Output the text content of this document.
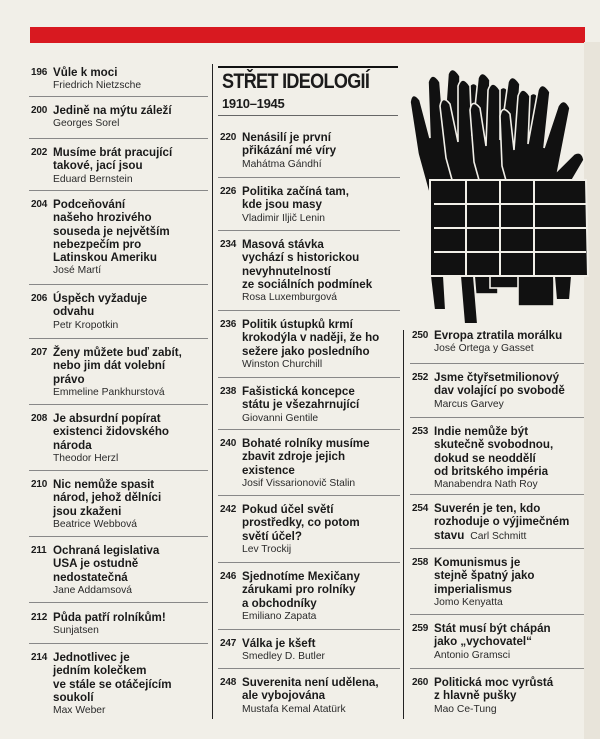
STŘET IDEOLOGIÍ
1910–1945
196 Vůle k moci
Friedrich Nietzsche
200 Jedině na mýtu záleží
Georges Sorel
202 Musíme brát pracující
takové, jací jsou
Eduard Bernstein
204 Podceňování
našeho hrozivého
souseda je největším
nebezpečím pro
Latinskou Ameriku
José Martí
206 Úspěch vyžaduje
odvahu
Petr Kropotkin
207 Ženy můžete buď zabít,
nebo jim dát volební
právo
Emmeline Pankhurstová
208 Je absurdní popírat
existenci židovského
národa
Theodor Herzl
210 Nic nemůže spasit
národ, jehož dělníci
jsou zkaženi
Beatrice Webbová
211 Ochraná legislativa
USA je ostudně
nedostatečná
Jane Addamsová
212 Půda patří rolníkům!
Sunjatsen
214 Jednotlivec je
jedním kolečkem
ve stále se otáčejícím
soukolí
Max Weber
220 Nenásilí je první
přikázání mé víry
Mahátma Gándhí
226 Politika začíná tam,
kde jsou masy
Vladimir Iljič Lenin
234 Masová stávka
vychází s historickou
nevyhnutelností
ze sociálních podmínek
Rosa Luxemburgová
236 Politik ústupků krmí
krokodýla v naději, že ho
sežere jako posledního
Winston Churchill
238 Fašistická koncepce
státu je všezahrnující
Giovanni Gentile
240 Bohaté rolníky musíme
zbavit zdroje jejich
existence
Josif Vissarionovič Stalin
242 Pokud účel světí
prostředky, co potom
světí účel?
Lev Trockij
246 Sjednotíme Mexičany
zárukami pro rolníky
a obchodníky
Emiliano Zapata
247 Válka je kšeft
Smedley D. Butler
248 Suverenita není udělena,
ale vybojována
Mustafa Kemal Atatürk
250 Evropa ztratila morálku
José Ortega y Gasset
252 Jsme čtyřsetmilionový
dav volající po svobodě
Marcus Garvey
253 Indie nemůže být
skutečně svobodnou,
dokud se neoddělí
od britského impéria
Manabendra Nath Roy
254 Suverén je ten, kdo
rozhoduje o výjimečném
stavu Carl Schmitt
258 Komunismus je
stejně špatný jako
imperialismus
Jomo Kenyatta
259 Stát musí být chápán
jako „vychovatel“
Antonio Gramsci
260 Politická moc vyrůstá
z hlavně pušky
Mao Ce-Tung
